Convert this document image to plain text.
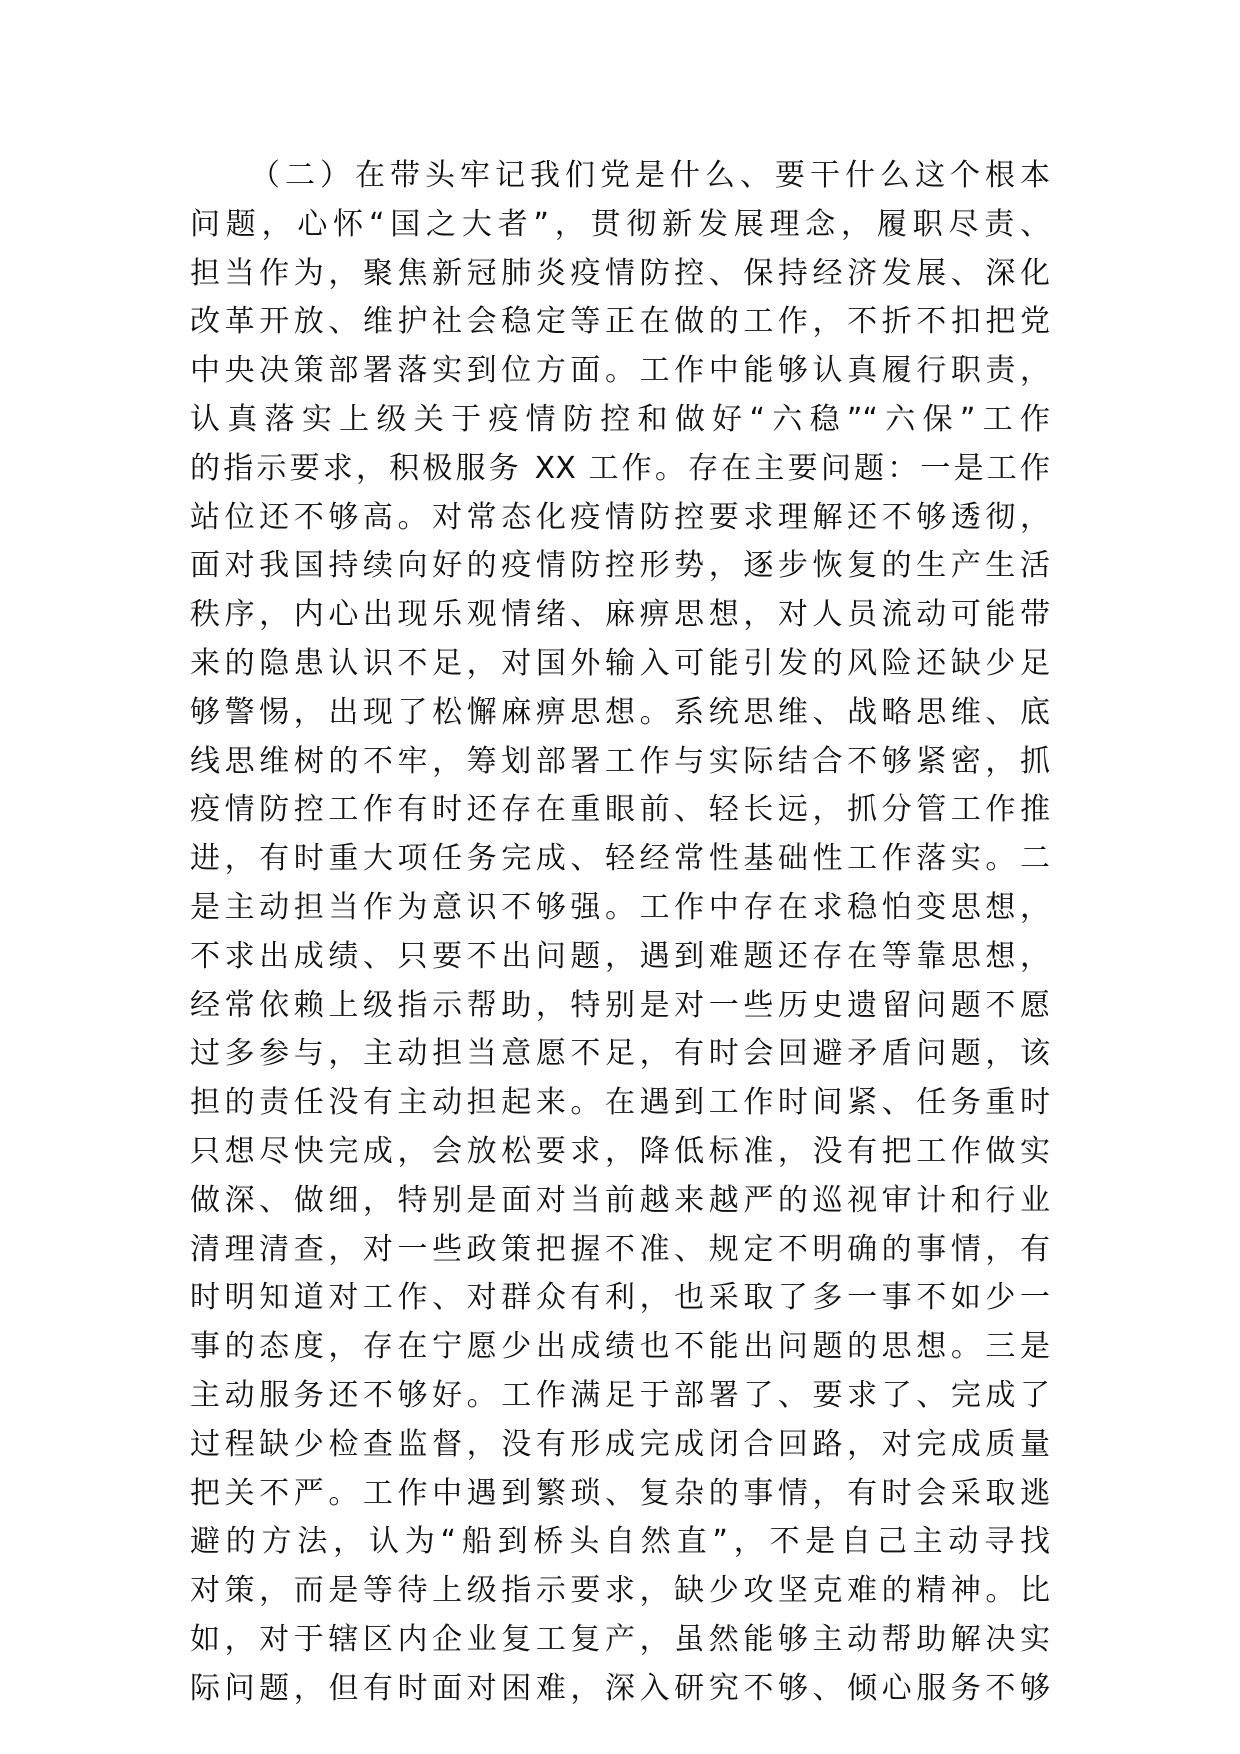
（二）在带头牢记我们党是什么、要干什么这个根本
问题，心怀“国之大者”，贯彻新发展理念，履职尽责、
担当作为，聚焦新冠肺炎疫情防控、保持经济发展、深化
改革开放、维护社会稳定等正在做的工作，不折不扣把党
中央决策部署落实到位方面。工作中能够认真履行职责，
认真落实上级关于疫情防控和做好“六稳”“六保”工作
的指示要求，积极服务 XX 工作。存在主要问题：一是工作
站位还不够高。对常态化疫情防控要求理解还不够透彻，
面对我国持续向好的疫情防控形势，逐步恢复的生产生活
秩序，内心出现乐观情绪、麻痹思想，对人员流动可能带
来的隐患认识不足，对国外输入可能引发的风险还缺少足
够警惕，出现了松懈麻痹思想。系统思维、战略思维、底
线思维树的不牢，筹划部署工作与实际结合不够紧密，抓
疫情防控工作有时还存在重眼前、轻长远，抓分管工作推
进，有时重大项任务完成、轻经常性基础性工作落实。二
是主动担当作为意识不够强。工作中存在求稳怕变思想，
不求出成绩、只要不出问题，遇到难题还存在等靠思想，
经常依赖上级指示帮助，特别是对一些历史遗留问题不愿
过多参与，主动担当意愿不足，有时会回避矛盾问题，该
担的责任没有主动担起来。在遇到工作时间紧、任务重时
只想尽快完成，会放松要求，降低标准，没有把工作做实
做深、做细，特别是面对当前越来越严的巡视审计和行业
清理清查，对一些政策把握不准、规定不明确的事情，有
时明知道对工作、对群众有利，也采取了多一事不如少一
事的态度，存在宁愿少出成绩也不能出问题的思想。三是
主动服务还不够好。工作满足于部署了、要求了、完成了
过程缺少检查监督，没有形成完成闭合回路，对完成质量
把关不严。工作中遇到繁琐、复杂的事情，有时会采取逃
避的方法，认为“船到桥头自然直”，不是自己主动寻找
对策，而是等待上级指示要求，缺少攻坚克难的精神。比
如，对于辖区内企业复工复产，虽然能够主动帮助解决实
际问题，但有时面对困难，深入研究不够、倾心服务不够
